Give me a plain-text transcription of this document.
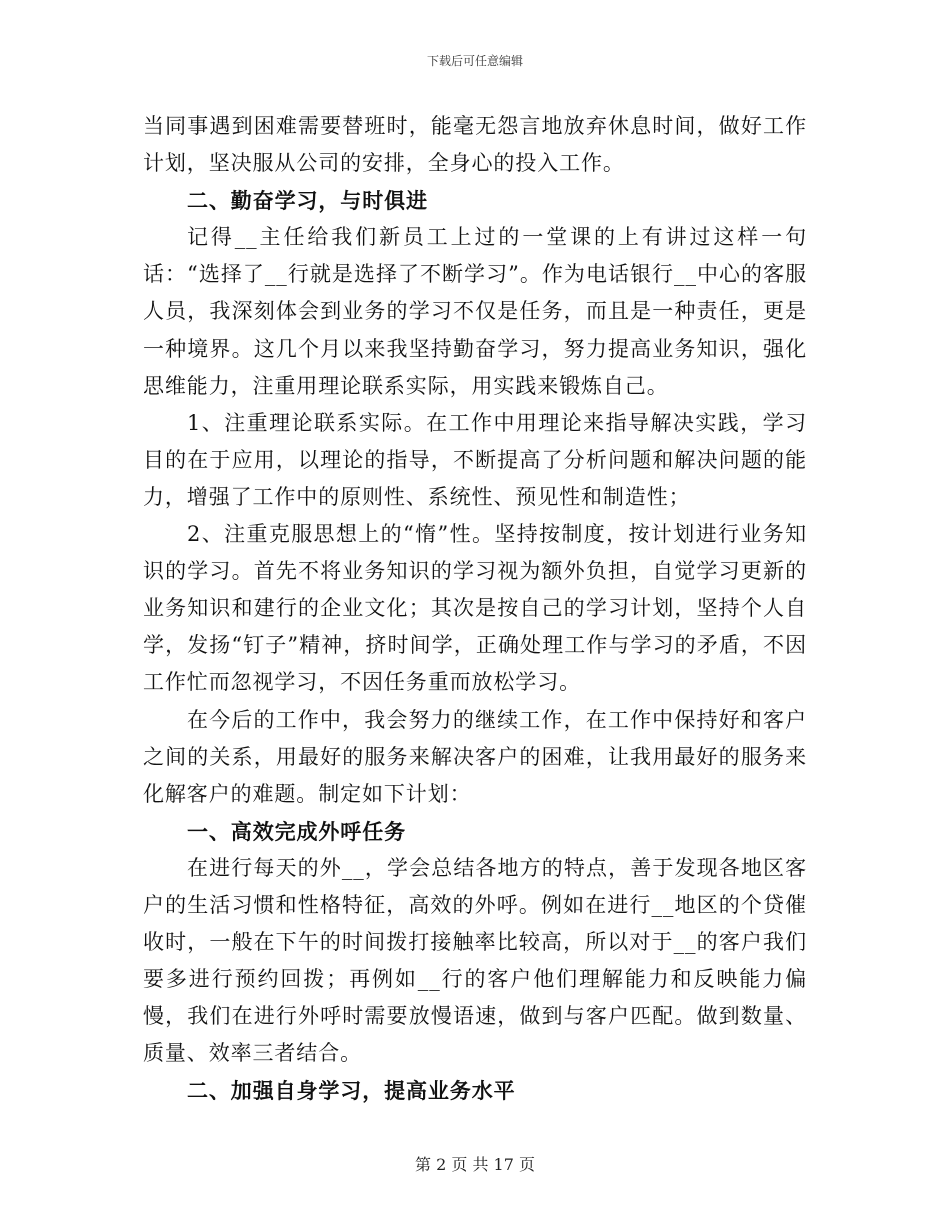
下载后可任意编辑

当同事遇到困难需要替班时，能毫无怨言地放弃休息时间，做好工作计划，坚决服从公司的安排，全身心的投入工作。

二、勤奋学习，与时俱进

记得__主任给我们新员工上过的一堂课的上有讲过这样一句话：“选择了__行就是选择了不断学习”。作为电话银行__中心的客服人员，我深刻体会到业务的学习不仅是任务，而且是一种责任，更是一种境界。这几个月以来我坚持勤奋学习，努力提高业务知识，强化思维能力，注重用理论联系实际，用实践来锻炼自己。

1、注重理论联系实际。在工作中用理论来指导解决实践，学习目的在于应用，以理论的指导，不断提高了分析问题和解决问题的能力，增强了工作中的原则性、系统性、预见性和制造性；

2、注重克服思想上的“惰”性。坚持按制度，按计划进行业务知识的学习。首先不将业务知识的学习视为额外负担，自觉学习更新的业务知识和建行的企业文化；其次是按自己的学习计划，坚持个人自学，发扬“钉子”精神，挤时间学，正确处理工作与学习的矛盾，不因工作忙而忽视学习，不因任务重而放松学习。

在今后的工作中，我会努力的继续工作，在工作中保持好和客户之间的关系，用最好的服务来解决客户的困难，让我用最好的服务来化解客户的难题。制定如下计划：

一、高效完成外呼任务

在进行每天的外__，学会总结各地方的特点，善于发现各地区客户的生活习惯和性格特征，高效的外呼。例如在进行__地区的个贷催收时，一般在下午的时间拨打接触率比较高，所以对于__的客户我们要多进行预约回拨；再例如__行的客户他们理解能力和反映能力偏慢，我们在进行外呼时需要放慢语速，做到与客户匹配。做到数量、质量、效率三者结合。

二、加强自身学习，提高业务水平

第 2 页 共 17 页
